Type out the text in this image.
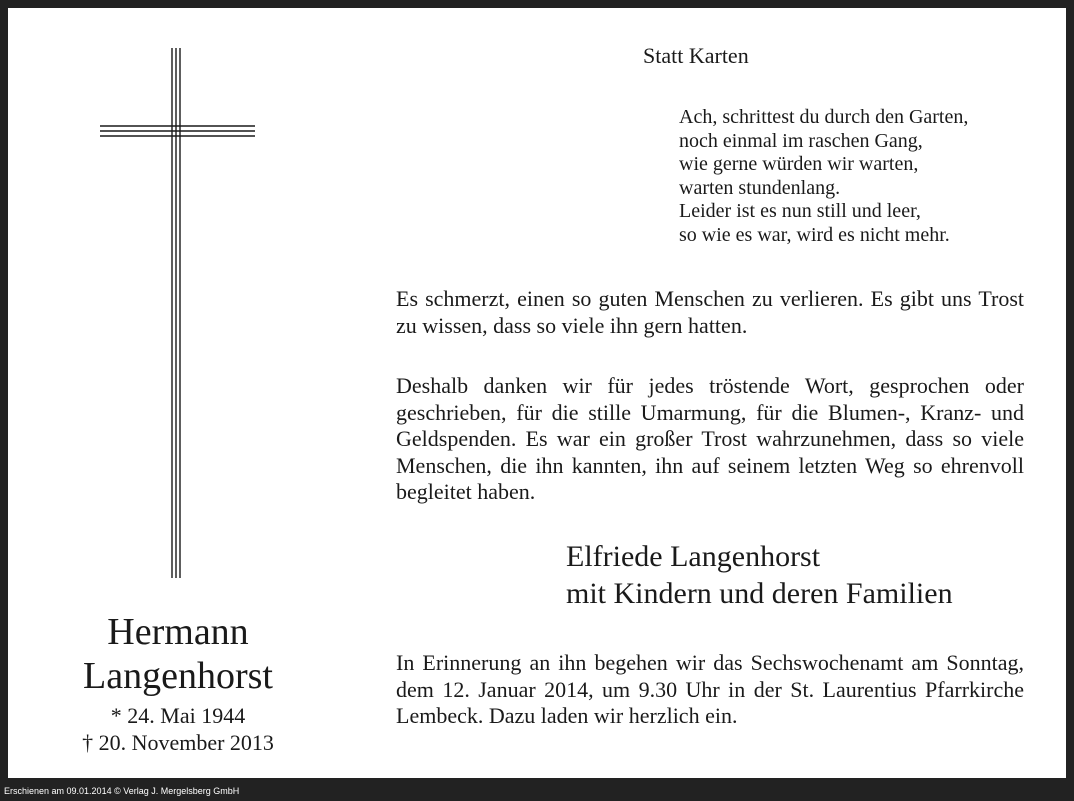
Hermann
Langenhorst
* 24. Mai 1944
† 20. November 2013
Statt Karten
Ach, schrittest du durch den Garten,
noch einmal im raschen Gang,
wie gerne würden wir warten,
warten stundenlang.
Leider ist es nun still und leer,
so wie es war, wird es nicht mehr.
Es schmerzt, einen so guten Menschen zu verlieren. Es gibt uns Trost zu wissen, dass so viele ihn gern hatten.
Deshalb danken wir für jedes tröstende Wort, gesprochen oder geschrieben, für die stille Umarmung, für die Blumen-, Kranz- und Geldspenden. Es war ein großer Trost wahrzunehmen, dass so viele Menschen, die ihn kannten, ihn auf seinem letzten Weg so ehrenvoll begleitet haben.
Elfriede Langenhorst
mit Kindern und deren Familien
In Erinnerung an ihn begehen wir das Sechswochenamt am Sonntag, dem 12. Januar 2014, um 9.30 Uhr in der St. Laurentius Pfarrkirche Lembeck. Dazu laden wir herzlich ein.
Erschienen am 09.01.2014 © Verlag J. Mergelsberg GmbH
